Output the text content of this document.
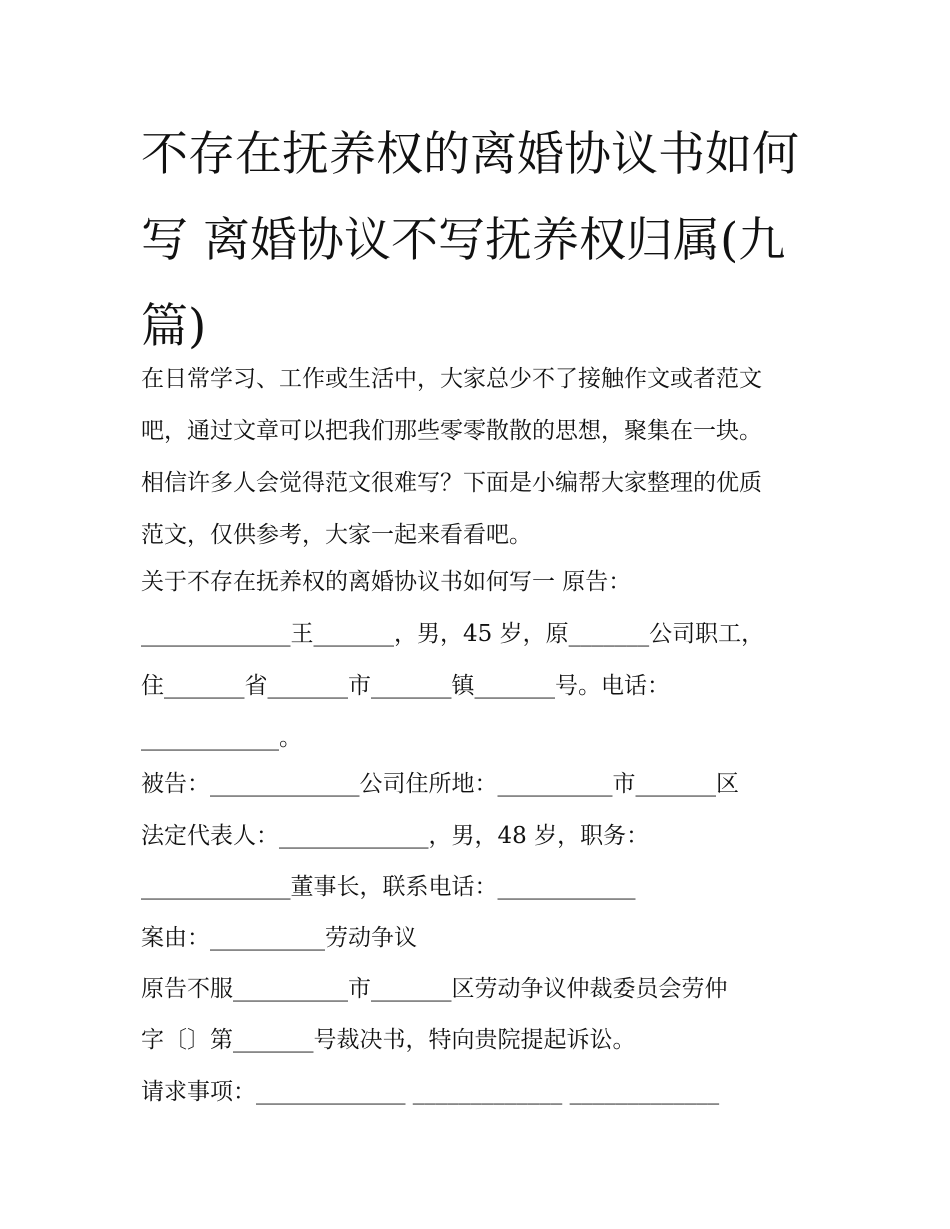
不存在抚养权的离婚协议书如何写 离婚协议不写抚养权归属(九篇)
在日常学习、工作或生活中，大家总少不了接触作文或者范文
吧，通过文章可以把我们那些零零散散的思想，聚集在一块。
相信许多人会觉得范文很难写？下面是小编帮大家整理的优质
范文，仅供参考，大家一起来看看吧。
关于不存在抚养权的离婚协议书如何写一 原告：
_____________王_______，男，45 岁，原_______公司职工，
住_______省_______市_______镇_______号。电话：
____________。
被告：_____________公司住所地：__________市_______区
法定代表人：_____________，男，48 岁，职务：
_____________董事长，联系电话：____________
案由：__________劳动争议
原告不服__________市_______区劳动争议仲裁委员会劳仲
字〔〕第_______号裁决书，特向贵院提起诉讼。
请求事项：_____________ _____________ _____________
